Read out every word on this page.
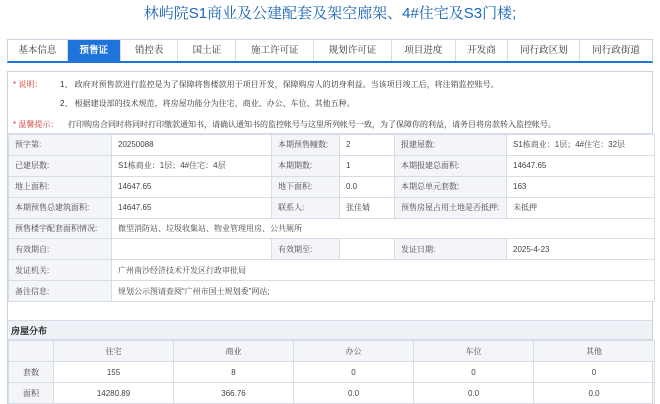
林屿院S1商业及公建配套及架空廊架、4#住宅及S3门楼;
基本信息	预售证	销控表	国土证	施工许可证	规划许可证	项目进度	开发商	同行政区划	同行政街道
* 说明： 1、 政府对预售款进行监控是为了保障将售楼款用于项目开发，保障购房人的切身利益。当该项目竣工后，将注销监控账号。
2、 根据建设部的技术规范，将房屋功能分为住宅、商业、办公、车位、其他五种。
* 温馨提示： 打印购房合同时将同时打印缴款通知书，请确认通知书的监控帐号与这里所列帐号一致，为了保障你的利益，请务目将房款转入监控帐号。
预字第:	20250088	本期预售幢数:	2	报建屋数:	S1栋商业：1层；4#住宅：32层
已建层数:	S1栋商业：1层；4#住宅：4层	本期期数:	1	本期报建总面积:	14647.65
地上面积:	14647.65	地下面积:	0.0	本期总单元套数:	163
本期预售总建筑面积:	14647.65	联系人:	张佳婧	预售房屋占用土地是否抵押:	未抵押
预售楼宇配套面积情况:	微型消防站、垃圾收集站、物业管理用房、公共厕所				
有效期自:		有效期至:		发证日期:	2025-4-23
发证机关:	广州南沙经济技术开发区行政审批局				
备注信息:	规划公示图请查阅“广州市国土规划委”网站;				
房屋分布
	住宅	商业	办公	车位	其他
套数	155	8	0	0	0
面积	14280.89	366.76	0.0	0.0	0.0
